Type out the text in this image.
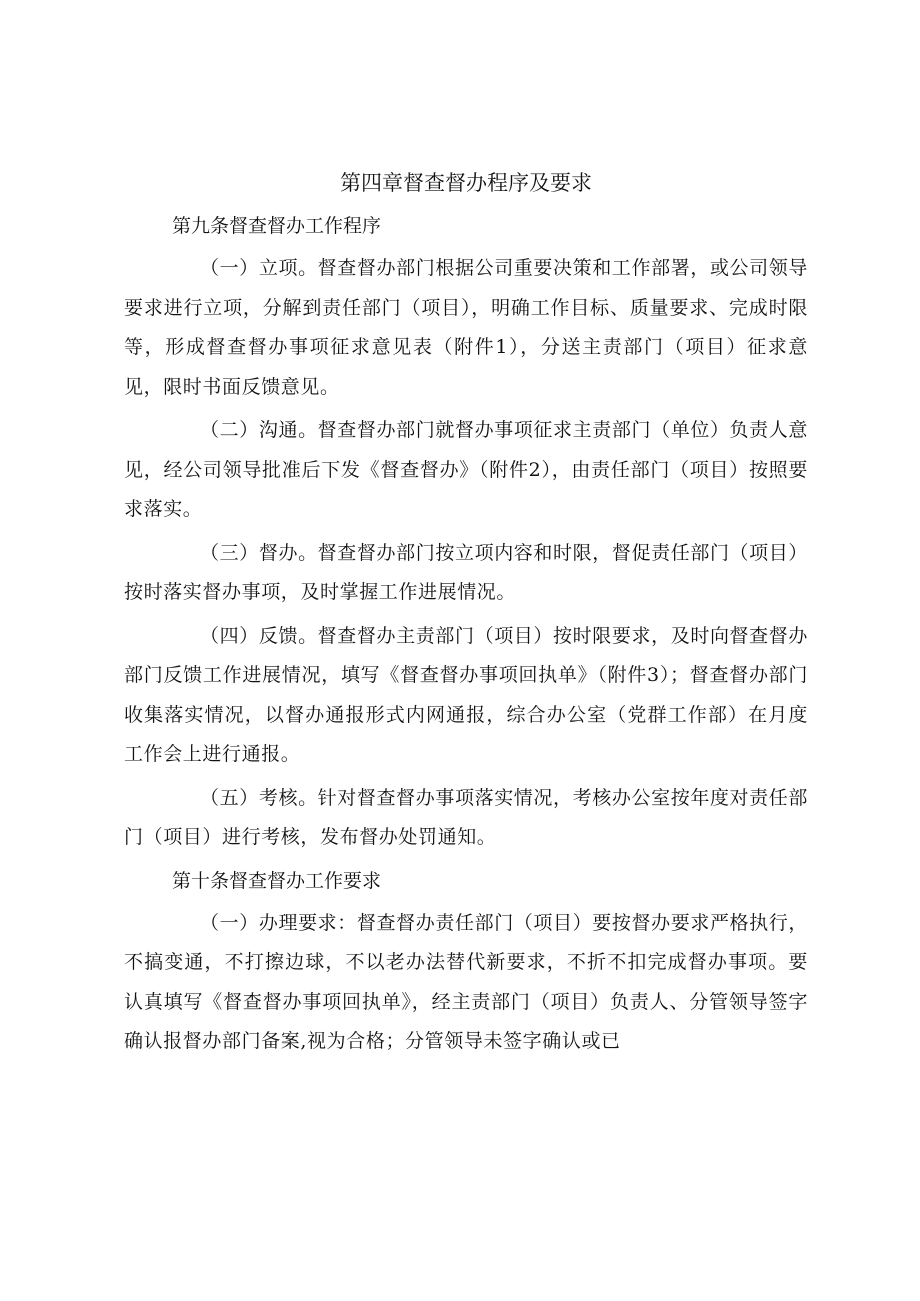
第四章督查督办程序及要求
第九条督查督办工作程序

（一）立项。督查督办部门根据公司重要决策和工作部署，或公司领导要求进行立项，分解到责任部门（项目），明确工作目标、质量要求、完成时限等，形成督查督办事项征求意见表（附件1），分送主责部门（项目）征求意见，限时书面反馈意见。

（二）沟通。督查督办部门就督办事项征求主责部门（单位）负责人意见，经公司领导批准后下发《督查督办》（附件2），由责任部门（项目）按照要求落实。

（三）督办。督查督办部门按立项内容和时限，督促责任部门（项目）按时落实督办事项，及时掌握工作进展情况。

（四）反馈。督查督办主责部门（项目）按时限要求，及时向督查督办部门反馈工作进展情况，填写《督查督办事项回执单》（附件3）；督查督办部门收集落实情况，以督办通报形式内网通报，综合办公室（党群工作部）在月度工作会上进行通报。

（五）考核。针对督查督办事项落实情况，考核办公室按年度对责任部门（项目）进行考核，发布督办处罚通知。

第十条督查督办工作要求

（一）办理要求：督查督办责任部门（项目）要按督办要求严格执行，不搞变通，不打擦边球，不以老办法替代新要求，不折不扣完成督办事项。要认真填写《督查督办事项回执单》，经主责部门（项目）负责人、分管领导签字确认报督办部门备案,视为合格；分管领导未签字确认或已
